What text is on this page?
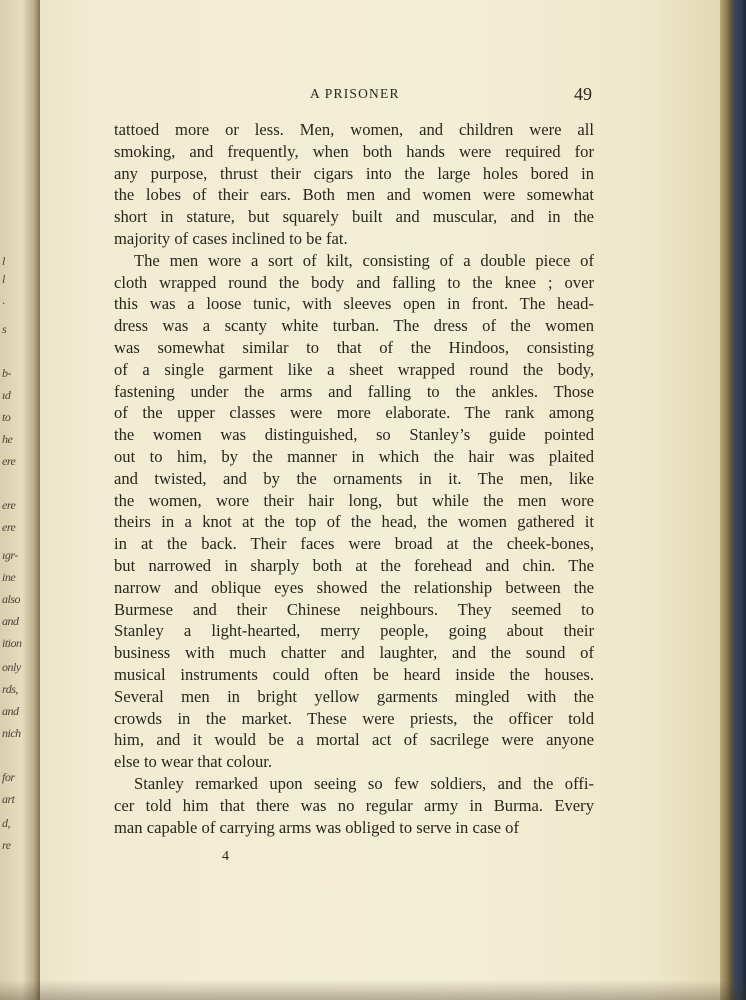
l
l
·
s
b-
ıd
to
he
ere
ere
ere
ıgr-
ine
also
and
ition
only
rds,
and
nich
for
art
d,
re
A PRISONER	49
tattoed more or less. Men, women, and children were all
smoking, and frequently, when both hands were required for
any purpose, thrust their cigars into the large holes bored in
the lobes of their ears. Both men and women were somewhat
short in stature, but squarely built and muscular, and in the
majority of cases inclined to be fat.
The men wore a sort of kilt, consisting of a double piece of
cloth wrapped round the body and falling to the knee ; over
this was a loose tunic, with sleeves open in front. The head-
dress was a scanty white turban. The dress of the women
was somewhat similar to that of the Hindoos, consisting
of a single garment like a sheet wrapped round the body,
fastening under the arms and falling to the ankles. Those
of the upper classes were more elaborate. The rank among
the women was distinguished, so Stanley’s guide pointed
out to him, by the manner in which the hair was plaited
and twisted, and by the ornaments in it. The men, like
the women, wore their hair long, but while the men wore
theirs in a knot at the top of the head, the women gathered it
in at the back. Their faces were broad at the cheek-bones,
but narrowed in sharply both at the forehead and chin. The
narrow and oblique eyes showed the relationship between the
Burmese and their Chinese neighbours. They seemed to
Stanley a light-hearted, merry people, going about their
business with much chatter and laughter, and the sound of
musical instruments could often be heard inside the houses.
Several men in bright yellow garments mingled with the
crowds in the market. These were priests, the officer told
him, and it would be a mortal act of sacrilege were anyone
else to wear that colour.
Stanley remarked upon seeing so few soldiers, and the offi-
cer told him that there was no regular army in Burma. Every
man capable of carrying arms was obliged to serve in case of
4
